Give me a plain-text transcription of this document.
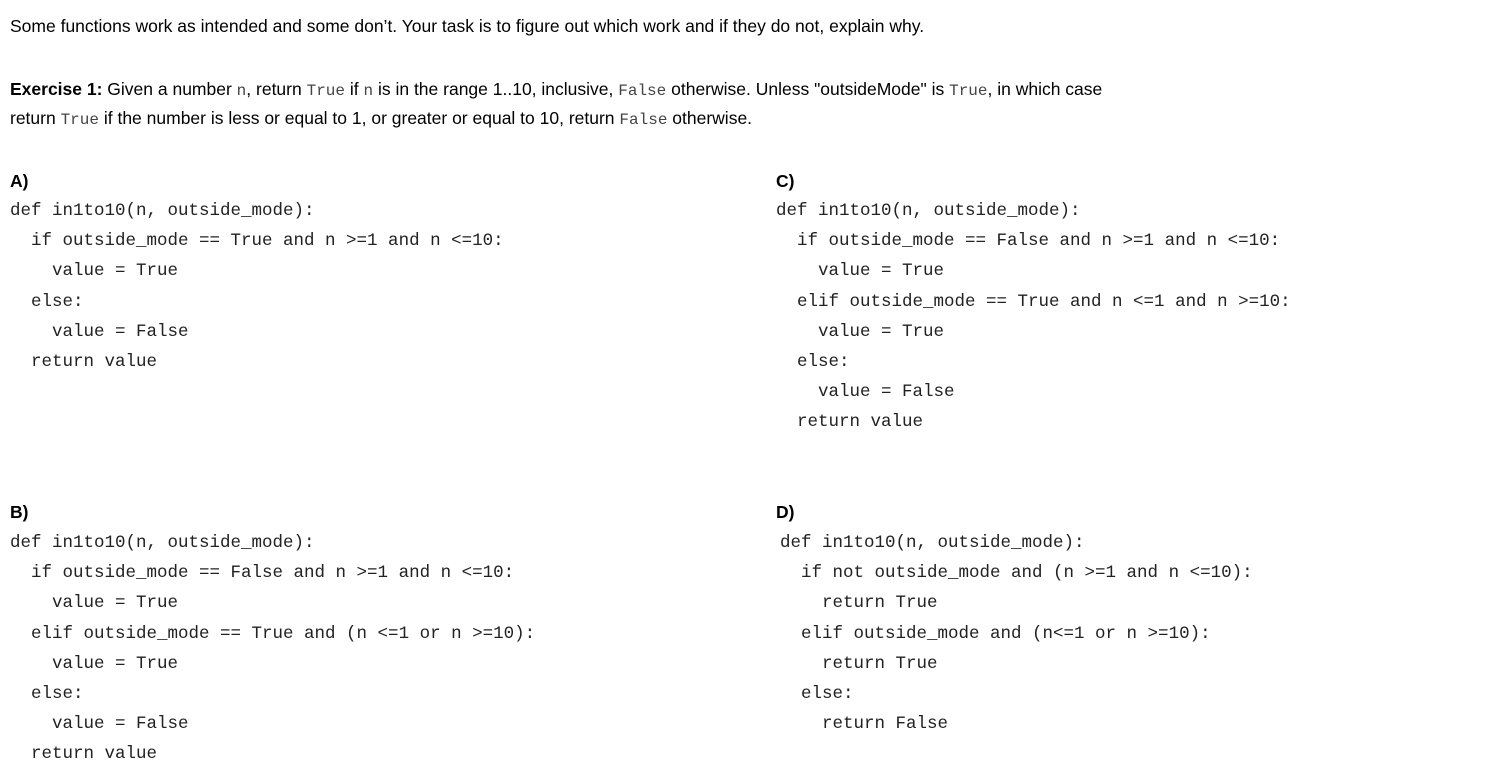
Some functions work as intended and some don’t. Your task is to figure out which work and if they do not, explain why.
Exercise 1: Given a number n, return True if n is in the range 1..10, inclusive, False otherwise. Unless "outsideMode" is True, in which case
return True if the number is less or equal to 1, or greater or equal to 10, return False otherwise.
A)
def in1to10(n, outside_mode):
if outside_mode == True and n >=1 and n <=10:
value = True
else:
value = False
return value
C)
def in1to10(n, outside_mode):
if outside_mode == False and n >=1 and n <=10:
value = True
elif outside_mode == True and n <=1 and n >=10:
value = True
else:
value = False
return value
B)
def in1to10(n, outside_mode):
if outside_mode == False and n >=1 and n <=10:
value = True
elif outside_mode == True and (n <=1 or n >=10):
value = True
else:
value = False
return value
D)
def in1to10(n, outside_mode):
if not outside_mode and (n >=1 and n <=10):
return True
elif outside_mode and (n<=1 or n >=10):
return True
else:
return False
